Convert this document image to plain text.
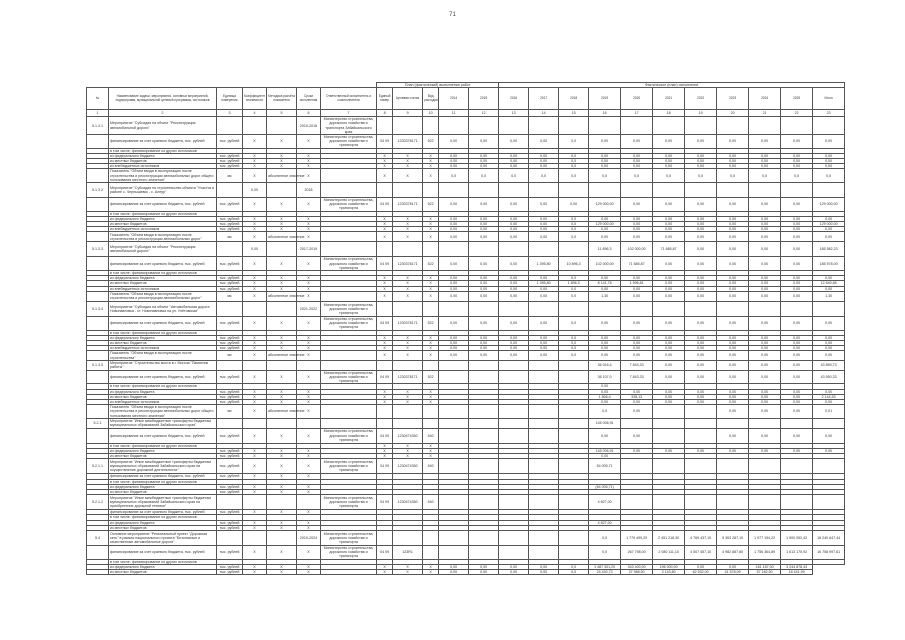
71
							План (фактический) выполнения работ					Фактическое (план) исполнение										
№	Наименование задачи, мероприятия, основных мероприятий, подпрограмм, муниципальной целевой программы, источников	Единица измерения	Коэффициент значимости	Методика расчёта показателя	Сроки исполнения	Ответственный исполнитель и соисполнители	Единый номер	Целевая статья	Вид расходов	2014	2015	2016	2017	2018	2019	2020	2021	2022	2023	2024	2025	Итого
1	2	3	4	5	6	7	8	9	10	11	12	13	14	15	16	17	18	19	20	21	22	23
5.1.3.1	Мероприятие "Субсидия на объект "Реконструкция автомобильной дороги"				2015-2016	Министерство строительства, дорожного хозяйства и транспорта Забайкальского края																
	финансирование за счет краевого бюджета, тыс. рублей	тыс. рублей	X	X	X	Министерство строительства, дорожного хозяйства и транспорта	04 09	1230378171	522	0,00	0,00	0,00	0,00	0,0	0,00	0,00	0,00	0,00	0,00	0,00	0,00	0,00
	в том числе: финансирование из других источников																					
	из федерального бюджета	тыс. рублей	X	X	X		X	X	X	0,00	0,00	0,00	0,00	0,0	0,00	0,00	0,00	0,00	0,00	0,00	0,00	0,00
	из местных бюджетов	тыс. рублей	X	X	X		X	X	X	0,00	0,00	0,00	0,00	0,0	0,00	0,00	0,00	0,00	0,00	0,00	0,00	0,00
	из внебюджетных источников	тыс. рублей	X	X	X		X	X	X	0,00	0,00	0,00	0,00	0,0	0,00	0,00	0,00	0,00	0,00	0,00	0,00	0,00
	Показатель "Объем ввода в эксплуатацию после строительства и реконструкции автомобильных дорог общего пользования местного значения"	км	X	абсолютное значение	X		X	X	X	0,0	0,0	0,0	0,0	0,0	0,0	0,0	0,0	0,0	0,0	0,0	0,0	0,0
5.1.3.2	Мероприятие "Субсидия на строительство объекта "Участок в районе с. Чернышевск - с. Алеур"		0,00		2018																	
	финансирование за счет краевого бюджета, тыс. рублей	тыс. рублей	X	X	X	Министерство строительства, дорожного хозяйства и транспорта	04 09	1230378171	522	0,00	0,00	0,00	0,00	0,00	129 000,00	0,00	0,00	0,00	0,00	0,00	0,00	129 000,00
	в том числе: финансирование из других источников																					
	из федерального бюджета	тыс. рублей	X	X	X		X	X	X	0,00	0,00	0,00	0,00	0,0	0,00	0,00	0,00	0,00	0,00	0,00	0,00	0,00
	из местных бюджетов	тыс. рублей	X	X	X		X	X	X	0,00	0,00	0,00	0,00	0,0	129 000,00	0,00	0,00	0,00	0,00	0,00	0,00	129 000,00
	из внебюджетных источников	тыс. рублей	X	X	X		X	X	X	0,00	0,00	0,00	0,00	0,0	0,00	0,00	0,00	0,00	0,00	0,00	0,00	0,00
	Показатель "Объем ввода в эксплуатацию после строительства и реконструкции автомобильных дорог"	км	X	абсолютное значение	X		X	X	X	0,00	0,00	0,00	0,00	0,0	0,00	0,00	0,00	0,00	0,00	0,00	0,00	0,00
5.1.3.3	Мероприятие "Субсидия на объект "Реконструкция автомобильной дороги"		0,00		2017-2019										11 896,3	102 000,00	71 685,87	0,00	0,00	0,00	0,00	185 582,23
	финансирование за счет краевого бюджета, тыс. рублей	тыс. рублей	X	X	X	Министерство строительства, дорожного хозяйства и транспорта	04 09	1230378171	522	0,00	0,00	0,00	1 395,80	10 896,3	102 000,00	71 685,87	0,00	0,00	0,00	0,00	0,00	185 978,00
	в том числе: финансирование из других источников																					
	из федерального бюджета	тыс. рублей	X	X	X		X	X	X	0,00	0,00	0,00	0,00	0,0	0,00	0,00	0,00	0,00	0,00	0,00	0,00	0,00
	из местных бюджетов	тыс. рублей	X	X	X		X	X	X	0,00	0,00	0,00	1 395,80	1 896,3	8 141,76	1 596,81	0,00	0,00	0,00	0,00	0,00	12 640,86
	из внебюджетных источников	тыс. рублей	X	X	X		X	X	X	0,00	0,00	0,00	0,00	0,0	0,00	0,00	0,00	0,00	0,00	0,00	0,00	0,00
	Показатель "Объем ввода в эксплуатацию после строительства и реконструкции автомобильных дорог"	км	X	абсолютное значение	X		X	X	X	0,00	0,00	0,00	0,00	0,0	1,30	0,00	0,00	0,00	0,00	0,00	0,00	1,30
5.1.3.4	Мероприятие "Субсидия на объект "Автомобильная дорога Новопавловка - ст. Новопавловка на ул. Улётовская"				2021-2022	Министерство строительства, дорожного хозяйства и транспорта																
	финансирование за счет краевого бюджета, тыс. рублей	тыс. рублей	X	X	X	Министерство строительства, дорожного хозяйства и транспорта	04 09	1230378171	522	0,00	0,00	0,00	0,00	0,0	0,00	0,00	0,00	0,00	0,00	0,00	0,00	0,00
	в том числе: финансирование из других источников																					
	из федерального бюджета	тыс. рублей	X	X	X		X	X	X	0,00	0,00	0,00	0,00	0,0	0,00	0,00	0,00	0,00	0,00	0,00	0,00	0,00
	из местных бюджетов	тыс. рублей	X	X	X		X	X	X	0,00	0,00	0,00	0,00	0,0	0,00	0,00	0,00	0,00	0,00	0,00	0,00	0,00
	из внебюджетных источников	тыс. рублей	X	X	X		X	X	X	0,00	0,00	0,00	0,00	0,0	0,00	0,00	0,00	0,00	0,00	0,00	0,00	0,00
	Показатель "Объем ввода в эксплуатацию после строительства"	км	X	абсолютное значение	X		X	X	X	0,00	0,00	0,00	0,00	0,0	0,00	0,00	0,00	0,00	0,00	0,00	0,00	0,00
5.1.3.5	Мероприятие "Строительство моста в г. Могоча "Памятник работы"														36 016,4	7 843,33	0,00	0,00	0,00	0,00	0,00	43 859,73
	финансирование за счет краевого бюджета, тыс. рублей	тыс. рублей	X	X	X	Министерство строительства, дорожного хозяйства и транспорта	04 09	1230378171	522						36 107,0	7 843,33	0,00	0,00	0,00	0,00	0,00	43 950,33
	в том числе: финансирование из других источников														0,00							
	из федерального бюджета	тыс. рублей	X	X	X		X	X	X						0,00	0,00	0,00	0,00	0,00	0,00	0,00	0,00
	из местных бюджетов	тыс. рублей	X	X	X		X	X	X						1 806,4	338,13	0,00	0,00	0,00	0,00	0,00	2 144,53
	из внебюджетных источников	тыс. рублей	X	X	X		X	X	X						0,00	0,00	0,00	0,00	0,00	0,00	0,00	0,00
	Показатель "Объем ввода в эксплуатацию после строительства и реконструкции автомобильных дорог общего пользования местного значения"	км	X	абсолютное значение	X										0,0	0,00			0,00	0,00	0,00	0,01
5.2.1	Мероприятие "Иные межбюджетные трансферты бюджетам муниципальных образований Забайкальского края"														145 006,91							
	финансирование за счет краевого бюджета, тыс. рублей	тыс. рублей	X	X	X	Министерство строительства, дорожного хозяйства и транспорта	04 09	1230474350	540						0,00	0,00			0,00	0,00	0,00	0,00
	в том числе: финансирование из других источников						X	X	X													
	из федерального бюджета	тыс. рублей	X	X	X		X	X	X						145 006,91	0,00	0,00	0,00	0,00	0,00	0,00	0,00
	из местных бюджетов	тыс. рублей	X	X	X		X	X	X						0,00							
5.2.1.1	Мероприятие "Иные межбюджетные трансферты бюджетам муниципальных образований Забайкальского края на осуществление дорожной деятельности"	тыс. рублей	X	X	X	Министерство строительства, дорожного хозяйства и транспорта	04 09	1230474350	540						54 005,71							
	финансирование за счет краевого бюджета, тыс. рублей	тыс. рублей	X	X	X																	
	в том числе: финансирование из других источников																					
	из федерального бюджета	тыс. рублей	X	X	X										(64 005,71)							
	из местных бюджетов	тыс. рублей	X	X	X																	
5.2.1.2	Мероприятие "Иные межбюджетные трансферты бюджетам муниципальных образований Забайкальского края на приобретение дорожной техники"					Министерство строительства, дорожного хозяйства и транспорта	04 09	1230474350	540						4 827,00							
	финансирование за счет краевого бюджета, тыс. рублей	тыс. рублей	X	X	X																	
	в том числе: финансирование из других источников																					
	из федерального бюджета	тыс. рублей	X	X	X										4 827,00							
	из местных бюджетов	тыс. рублей	X	X	X																	
5.4	Основное мероприятие "Региональный проект "Дорожная сеть" в рамках национального проекта "Безопасные и качественные автомобильные дороги"				2019-2024	Министерство строительства, дорожного хозяйства и транспорта									0,0	1 779 499,20	2 451 218,30	4 769 437,10	5 363 287,10	1 977 154,22	1 900 052,42	18 240 647,44
	финансирование за счет краевого бюджета, тыс. рублей	тыс. рублей	X	X	X	Министерство строительства, дорожного хозяйства и транспорта	04 09	123R1							0,0	267 798,00	2 080 111,10	4 507 457,10	4 982 887,80	1 756 364,89	1 613 175,92	16 758 997,61
	в том числе: финансирование из других источников																					
	из федерального бюджета	тыс. рублей	X	X	X		X	X	X	0,00	0,00	0,00	0,00	0,0	1 487 301,20	343 400,00	196 000,00	0,00	0,00	161 187,00	3 244 878,43	
	из местных бюджетов	тыс. рублей	X	X	X		X	X	X	0,00	0,00	0,00	0,00	0,0	24 430,73	37 988,50	3 143,80	62 532,00	41 578,09	57 182,50	18 441,99	
